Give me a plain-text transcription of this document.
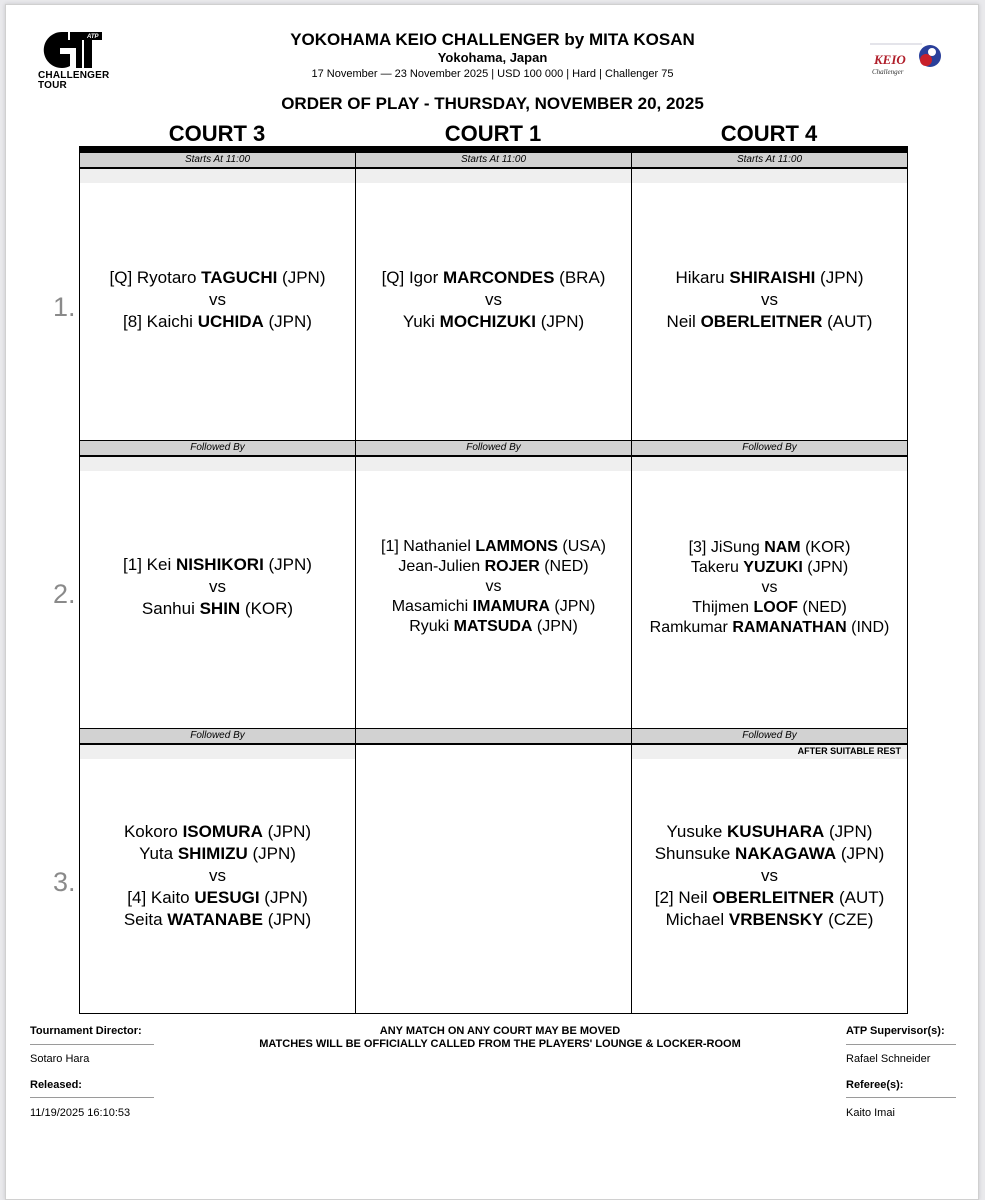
ATP
CHALLENGER
TOUR
KEIO
Challenger
YOKOHAMA KEIO CHALLENGER by MITA KOSAN
Yokohama, Japan
17 November — 23 November 2025 | USD 100 000 | Hard | Challenger 75
ORDER OF PLAY - THURSDAY, NOVEMBER 20, 2025
COURT 3	COURT 1	COURT 4
1.
2.
3.
Starts At 11:00
[Q] Ryotaro TAGUCHI (JPN)
vs
[8] Kaichi UCHIDA (JPN)
Starts At 11:00
[Q] Igor MARCONDES (BRA)
vs
Yuki MOCHIZUKI (JPN)
Starts At 11:00
Hikaru SHIRAISHI (JPN)
vs
Neil OBERLEITNER (AUT)
Followed By
[1] Kei NISHIKORI (JPN)
vs
Sanhui SHIN (KOR)
Followed By
[1] Nathaniel LAMMONS (USA)
Jean-Julien ROJER (NED)
vs
Masamichi IMAMURA (JPN)
Ryuki MATSUDA (JPN)
Followed By
[3] JiSung NAM (KOR)
Takeru YUZUKI (JPN)
vs
Thijmen LOOF (NED)
Ramkumar RAMANATHAN (IND)
Followed By
Kokoro ISOMURA (JPN)
Yuta SHIMIZU (JPN)
vs
[4] Kaito UESUGI (JPN)
Seita WATANABE (JPN)
Followed By
AFTER SUITABLE REST
Yusuke KUSUHARA (JPN)
Shunsuke NAKAGAWA (JPN)
vs
[2] Neil OBERLEITNER (AUT)
Michael VRBENSKY (CZE)
Tournament Director:
Sotaro Hara
Released:
11/19/2025 16:10:53
ANY MATCH ON ANY COURT MAY BE MOVED
MATCHES WILL BE OFFICIALLY CALLED FROM THE PLAYERS' LOUNGE & LOCKER-ROOM
ATP Supervisor(s):
Rafael Schneider
Referee(s):
Kaito Imai
